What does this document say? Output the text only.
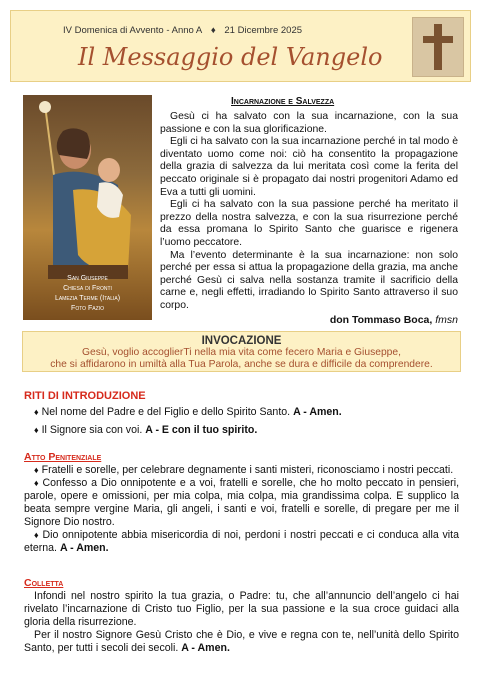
IV Domenica di Avvento - Anno A ♦ 21 Dicembre 2025
Il Messaggio del Vangelo
San Giuseppe
Chiesa di Fronti
Lamezia Terme (Italia)
Foto Fazio
Incarnazione e Salvezza

Gesù ci ha salvato con la sua incarnazione, con la sua passione e con la sua glorificazione.

Egli ci ha salvato con la sua incarnazione perché in tal modo è diventato uomo come noi: ciò ha consentito la propagazione della grazia di salvezza da lui meritata così come la ferita del peccato originale si è propagato dai nostri progenitori Adamo ed Eva a tutti gli uomini.

Egli ci ha salvato con la sua passione perché ha meritato il prezzo della nostra salvezza, e con la sua risurrezione perché da essa promana lo Spirito Santo che guarisce e rigenera l’uomo peccatore.

Ma l’evento determinante è la sua incarnazione: non solo perché per essa si attua la propagazione della grazia, ma anche perché Gesù ci salva nella sostanza tramite il sacrificio della carne e, negli effetti, irradiando lo Spirito Santo attraverso il suo corpo.

don Tommaso Boca, fmsn
INVOCAZIONE
Gesù, voglio accoglierTi nella mia vita come fecero Maria e Giuseppe,
che si affidarono in umiltà alla Tua Parola, anche se dura e difficile da comprendere.
RITI DI INTRODUZIONE

♦ Nel nome del Padre e del Figlio e dello Spirito Santo. A - Amen.

♦ Il Signore sia con voi. A - E con il tuo spirito.

Atto Penitenziale

♦ Fratelli e sorelle, per celebrare degnamente i santi misteri, riconosciamo i nostri peccati.

♦ Confesso a Dio onnipotente e a voi, fratelli e sorelle, che ho molto peccato in pensieri, parole, opere e omissioni, per mia colpa, mia colpa, mia grandissima colpa. E supplico la beata sempre vergine Maria, gli angeli, i santi e voi, fratelli e sorelle, di pregare per me il Signore Dio nostro.

♦ Dio onnipotente abbia misericordia di noi, perdoni i nostri peccati e ci conduca alla vita eterna. A - Amen.

Colletta

Infondi nel nostro spirito la tua grazia, o Padre: tu, che all’annuncio dell’angelo ci hai rivelato l’incarnazione di Cristo tuo Figlio, per la sua passione e la sua croce guidaci alla gloria della risurrezione.

Per il nostro Signore Gesù Cristo che è Dio, e vive e regna con te, nell’unità dello Spirito Santo, per tutti i secoli dei secoli. A - Amen.
